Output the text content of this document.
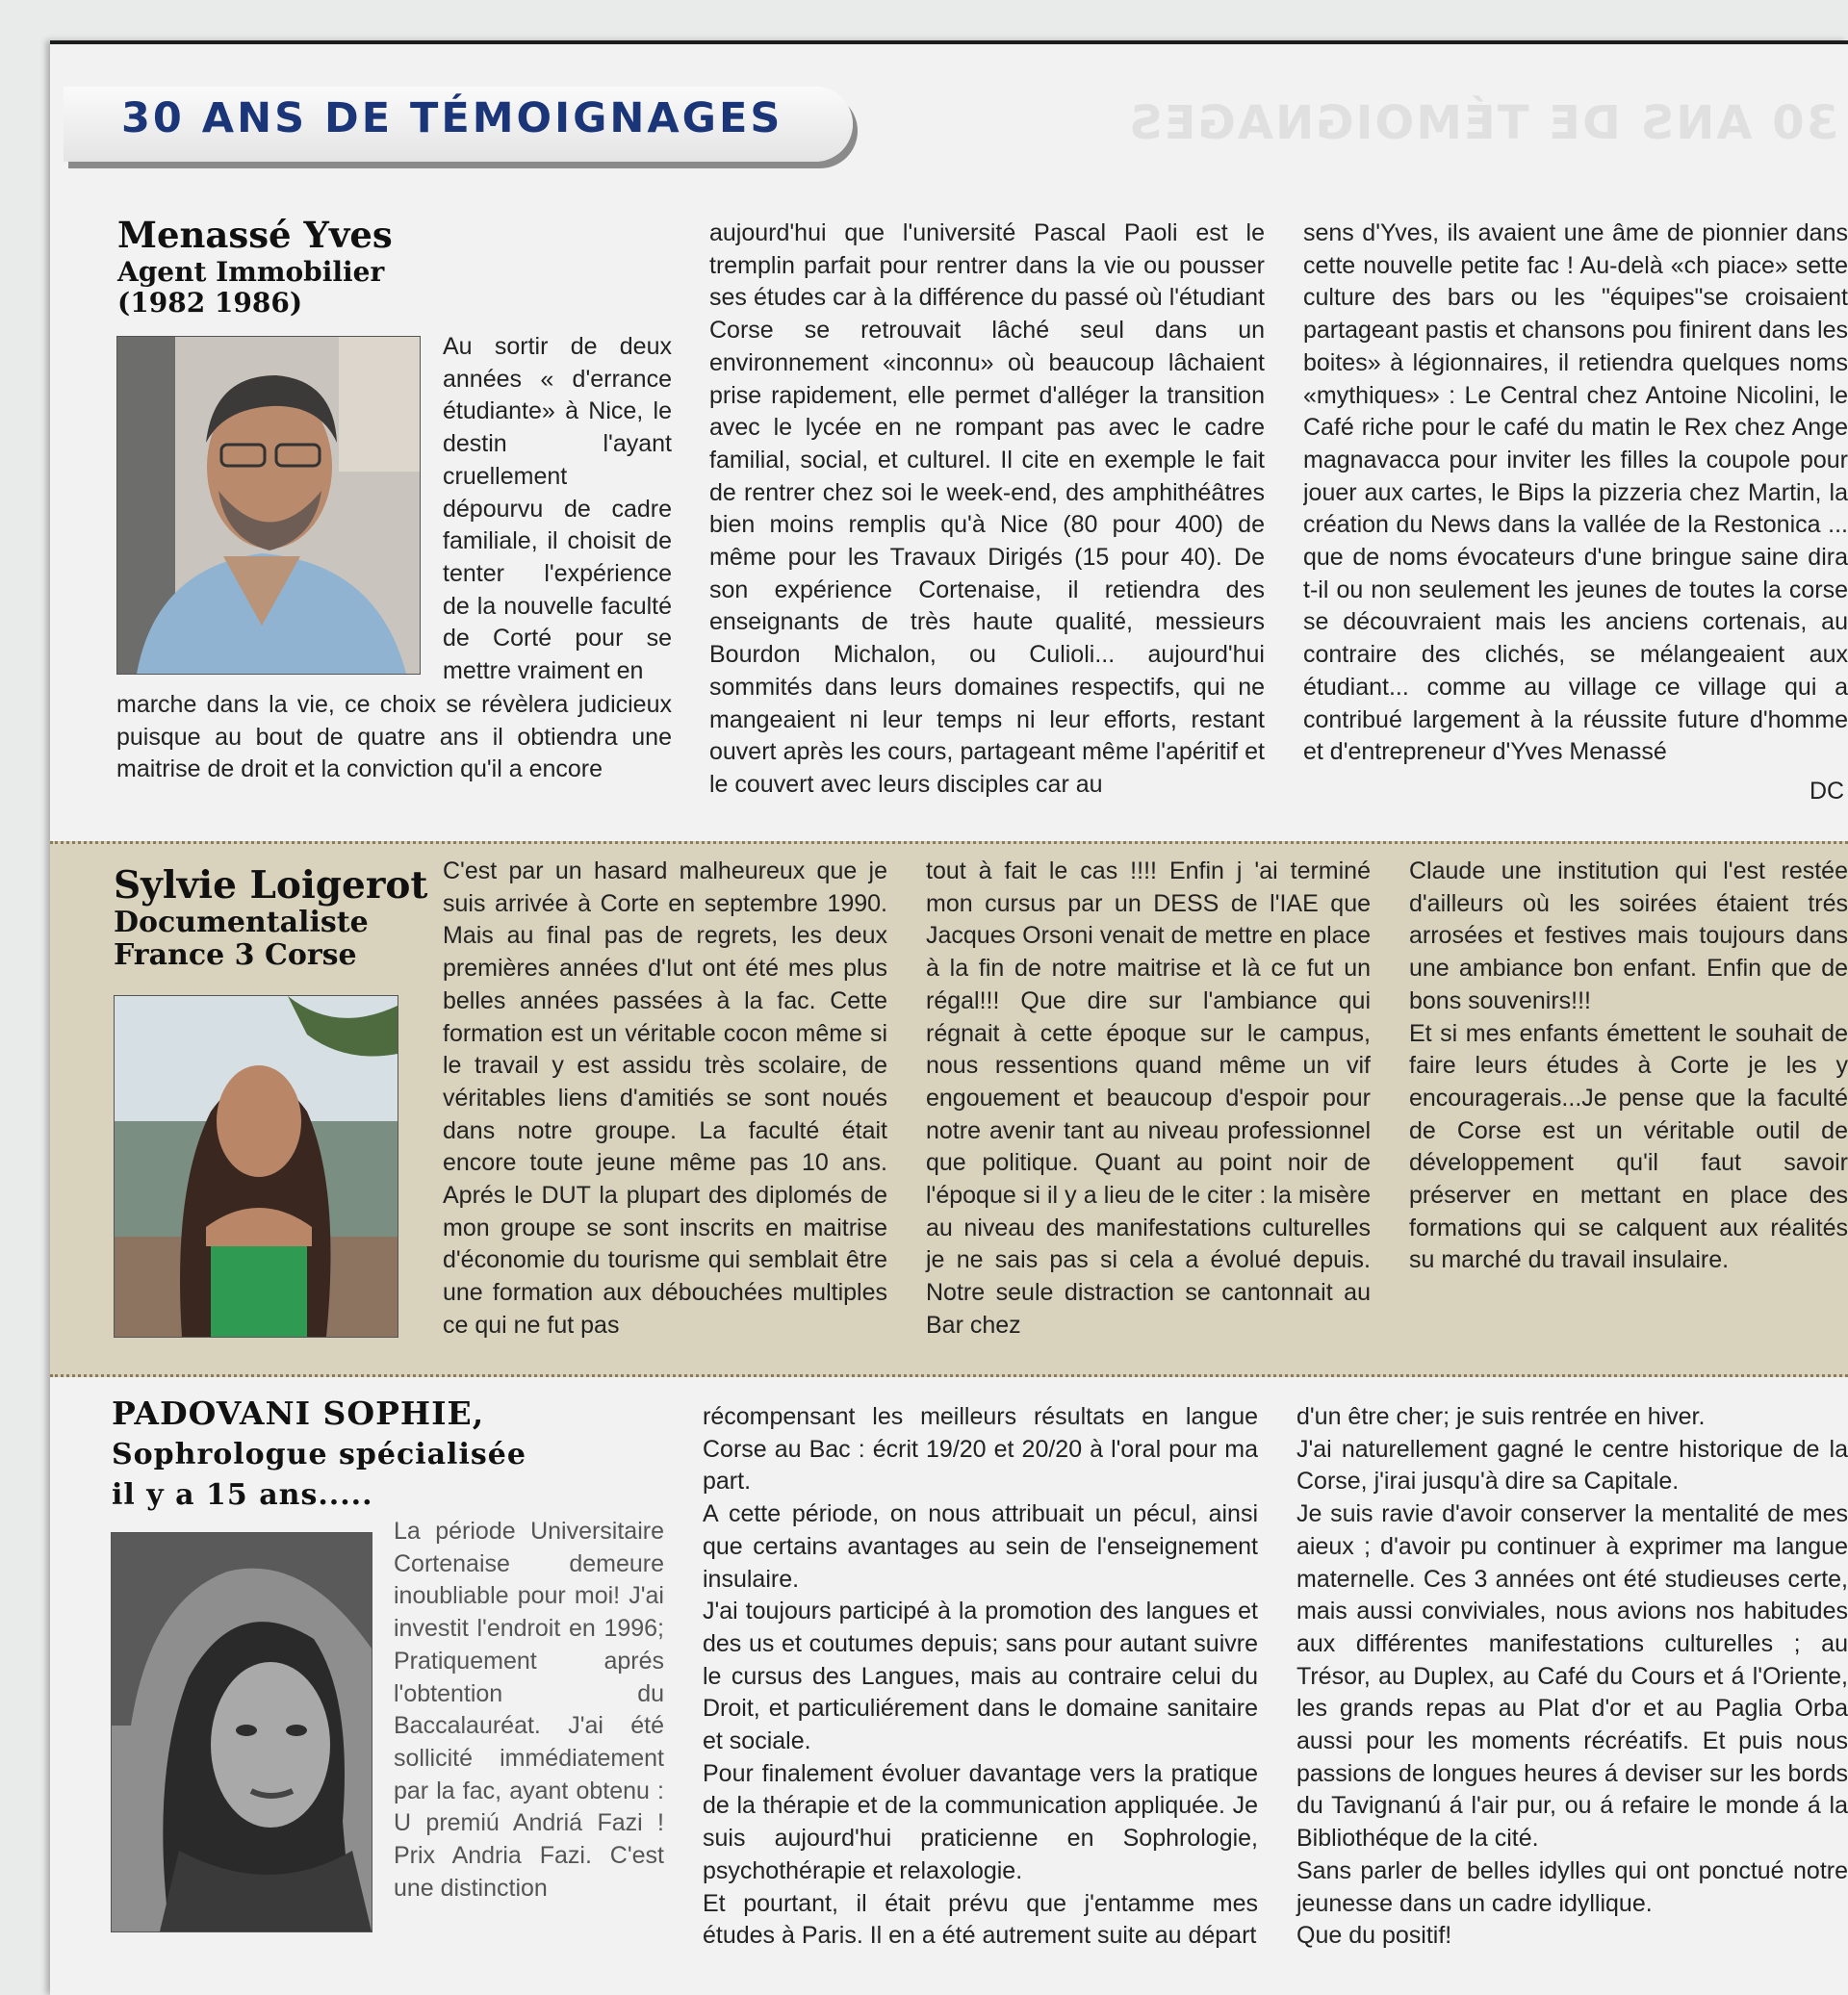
30 ANS DE TÉMOIGNAGES
30 ANS DE TÉMOIGNAGES
Menassé Yves
Agent Immobilier
(1982 1986)
Au sortir de deux années « d'errance étudiante» à Nice, le destin l'ayant cruellement dépourvu de cadre familiale, il choisit de tenter l'expérience de la nouvelle faculté de Corté pour se mettre vraiment en
marche dans la vie, ce choix se révèlera judicieux puisque au bout de quatre ans il obtiendra une maitrise de droit et la conviction qu'il a encore
aujourd'hui que l'université Pascal Paoli est le tremplin parfait pour rentrer dans la vie ou pousser ses études car à la différence du passé où l'étudiant Corse se retrouvait lâché seul dans un environnement «inconnu» où beaucoup lâchaient prise rapidement, elle permet d'alléger la transition avec le lycée en ne rompant pas avec le cadre familial, social, et culturel. Il cite en exemple le fait de rentrer chez soi le week-end, des amphithéâtres bien moins remplis qu'à Nice (80 pour 400) de même pour les Travaux Dirigés (15 pour 40). De son expérience Cortenaise, il retiendra des enseignants de très haute qualité, messieurs Bourdon Michalon, ou Culioli... aujourd'hui sommités dans leurs domaines respectifs, qui ne mangeaient ni leur temps ni leur efforts, restant ouvert après les cours, partageant même l'apéritif et le couvert avec leurs disciples car au
sens d'Yves, ils avaient une âme de pionnier dans cette nouvelle petite fac ! Au-delà «ch piace» sette culture des bars ou les "équipes"se croisaient partageant pastis et chansons pou finirent dans les boites» à légionnaires, il retiendra quelques noms «mythiques» : Le Central chez Antoine Nicolini, le Café riche pour le café du matin le Rex chez Ange magnavacca pour inviter les filles la coupole pour jouer aux cartes, le Bips la pizzeria chez Martin, la création du News dans la vallée de la Restonica ... que de noms évocateurs d'une bringue saine dira t-il ou non seulement les jeunes de toutes la corse se découvraient mais les anciens cortenais, au contraire des clichés, se mélangeaient aux étudiant... comme au village ce village qui a contribué largement à la réussite future d'homme et d'entrepreneur d'Yves Menassé
DC
Sylvie Loigerot
Documentaliste
France 3 Corse
C'est par un hasard malheureux que je suis arrivée à Corte en septembre 1990. Mais au final pas de regrets, les deux premières années d'Iut ont été mes plus belles années passées à la fac. Cette formation est un véritable cocon même si le travail y est assidu très scolaire, de véritables liens d'amitiés se sont noués dans notre groupe. La faculté était encore toute jeune même pas 10 ans. Aprés le DUT la plupart des diplomés de mon groupe se sont inscrits en maitrise d'économie du tourisme qui semblait être une formation aux débouchées multiples ce qui ne fut pas
tout à fait le cas !!!! Enfin j 'ai terminé mon cursus par un DESS de l'IAE que Jacques Orsoni venait de mettre en place à la fin de notre maitrise et là ce fut un régal!!! Que dire sur l'ambiance qui régnait à cette époque sur le campus, nous ressentions quand même un vif engouement et beaucoup d'espoir pour notre avenir tant au niveau professionnel que politique. Quant au point noir de l'époque si il y a lieu de le citer : la misère au niveau des manifestations culturelles je ne sais pas si cela a évolué depuis. Notre seule distraction se cantonnait au Bar chez

Claude une institution qui l'est restée d'ailleurs où les soirées étaient trés arrosées et festives mais toujours dans une ambiance bon enfant. Enfin que de bons souvenirs!!!

Et si mes enfants émettent le souhait de faire leurs études à Corte je les y encouragerais...Je pense que la faculté de Corse est un véritable outil de développement qu'il faut savoir préserver en mettant en place des formations qui se calquent aux réalités su marché du travail insulaire.

PADOVANI SOPHIE,
Sophrologue spécialisée
il y a 15 ans.....
La période Universitaire Cortenaise demeure inoubliable pour moi! J'ai investit l'endroit en 1996; Pratiquement aprés l'obtention du Baccalauréat. J'ai été sollicité immédiatement par la fac, ayant obtenu : U premiú Andriá Fazi ! Prix Andria Fazi. C'est une distinction

récompensant les meilleurs résultats en langue Corse au Bac : écrit 19/20 et 20/20 à l'oral pour ma part.

A cette période, on nous attribuait un pécul, ainsi que certains avantages au sein de l'enseignement insulaire.

J'ai toujours participé à la promotion des langues et des us et coutumes depuis; sans pour autant suivre le cursus des Langues, mais au contraire celui du Droit, et particuliérement dans le domaine sanitaire et sociale.

Pour finalement évoluer davantage vers la pratique de la thérapie et de la communication appliquée. Je suis aujourd'hui praticienne en Sophrologie, psychothérapie et relaxologie.

Et pourtant, il était prévu que j'entamme mes études à Paris. Il en a été autrement suite au départ

d'un être cher; je suis rentrée en hiver.

J'ai naturellement gagné le centre historique de la Corse, j'irai jusqu'à dire sa Capitale.

Je suis ravie d'avoir conserver la mentalité de mes aieux ; d'avoir pu continuer à exprimer ma langue maternelle. Ces 3 années ont été studieuses certe, mais aussi conviviales, nous avions nos habitudes aux différentes manifestations culturelles ; au Trésor, au Duplex, au Café du Cours et á l'Oriente, les grands repas au Plat d'or et au Paglia Orba aussi pour les moments récréatifs. Et puis nous passions de longues heures á deviser sur les bords du Tavignanú á l'air pur, ou á refaire le monde á la Bibliothéque de la cité.

Sans parler de belles idylles qui ont ponctué notre jeunesse dans un cadre idyllique.

Que du positif!
